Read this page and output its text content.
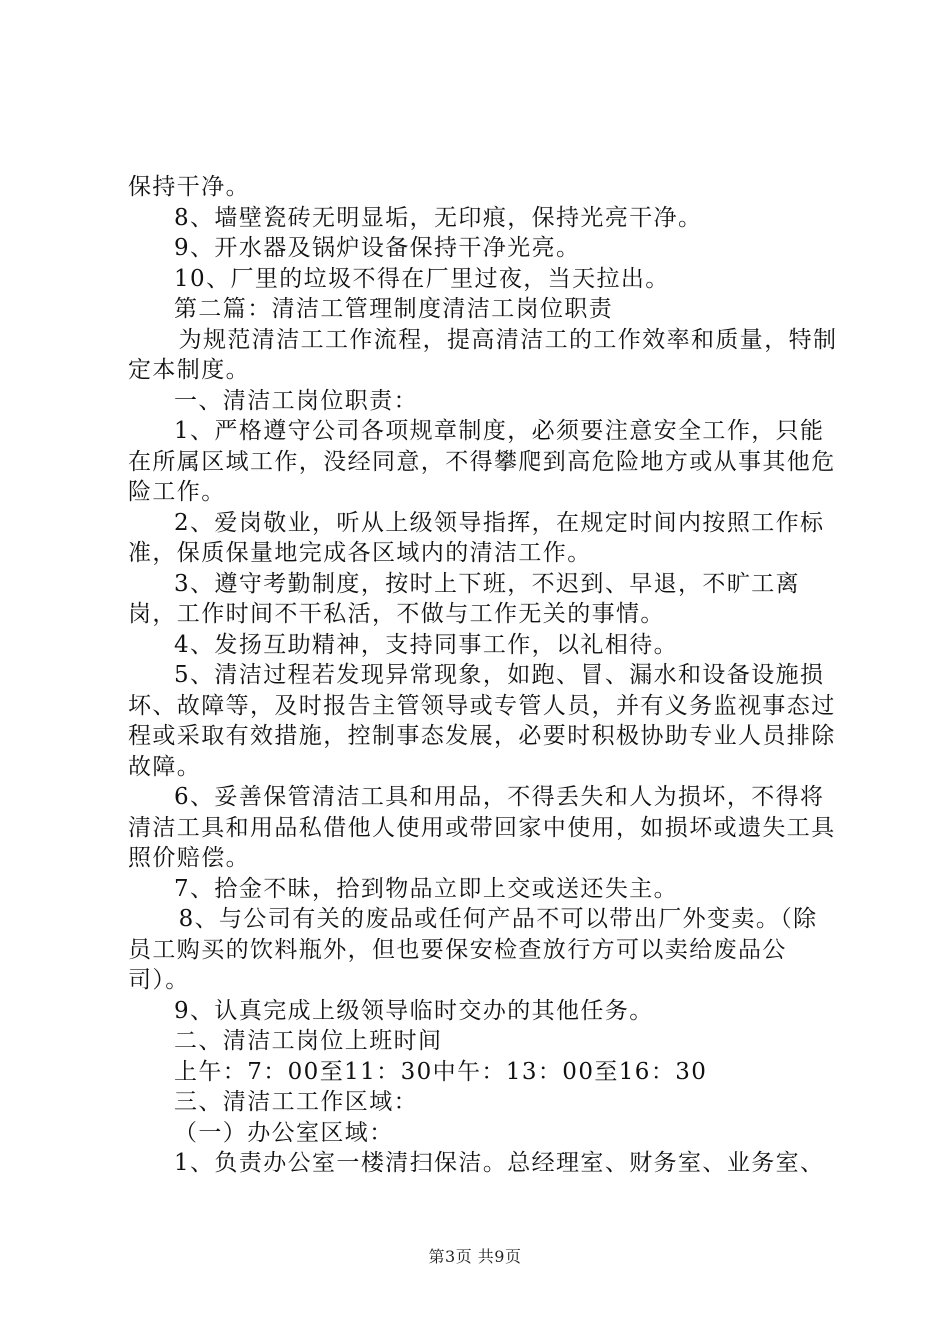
保持干净。

8、墙壁瓷砖无明显垢，无印痕，保持光亮干净。

9、开水器及锅炉设备保持干净光亮。

10、厂里的垃圾不得在厂里过夜，当天拉出。

第二篇：清洁工管理制度清洁工岗位职责

为规范清洁工工作流程，提高清洁工的工作效率和质量，特制定本制度。

一、清洁工岗位职责：

1、严格遵守公司各项规章制度，必须要注意安全工作，只能在所属区域工作，没经同意，不得攀爬到高危险地方或从事其他危险工作。

2、爱岗敬业，听从上级领导指挥，在规定时间内按照工作标准，保质保量地完成各区域内的清洁工作。

3、遵守考勤制度，按时上下班，不迟到、早退，不旷工离岗，工作时间不干私活，不做与工作无关的事情。

4、发扬互助精神，支持同事工作，以礼相待。

5、清洁过程若发现异常现象，如跑、冒、漏水和设备设施损坏、故障等，及时报告主管领导或专管人员，并有义务监视事态过程或采取有效措施，控制事态发展，必要时积极协助专业人员排除故障。

6、妥善保管清洁工具和用品，不得丢失和人为损坏，不得将清洁工具和用品私借他人使用或带回家中使用，如损坏或遗失工具照价赔偿。

7、拾金不昧，拾到物品立即上交或送还失主。

8、与公司有关的废品或任何产品不可以带出厂外变卖。（除员工购买的饮料瓶外，但也要保安检查放行方可以卖给废品公司）。

9、认真完成上级领导临时交办的其他任务。

二、清洁工岗位上班时间

上午：7：00至11：30中午：13：00至16：30

三、清洁工工作区域：

（一）办公室区域：

1、负责办公室一楼清扫保洁。总经理室、财务室、业务室、

第3页 共9页
